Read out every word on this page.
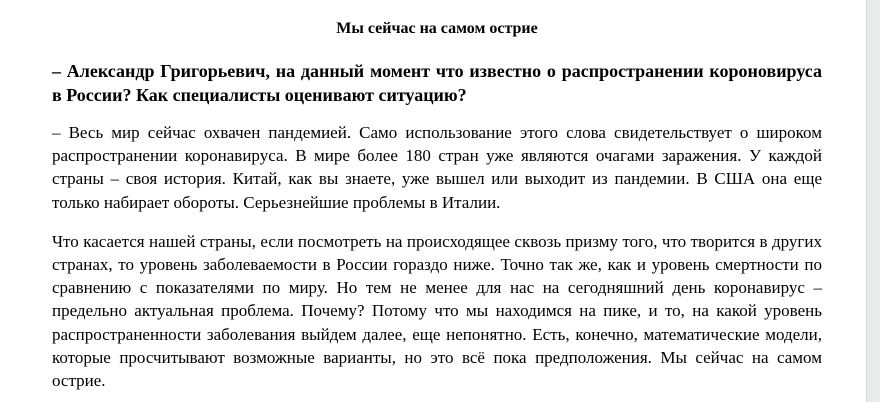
Мы сейчас на самом острие

– Александр Григорьевич, на данный момент что известно о распространении короновируса в России? Как специалисты оценивают ситуацию?

– Весь мир сейчас охвачен пандемией. Само использование этого слова свидетельствует о широком распространении коронавируса. В мире более 180 стран уже являются очагами заражения. У каждой страны – своя история. Китай, как вы знаете, уже вышел или выходит из пандемии. В США она еще только набирает обороты. Серьезнейшие проблемы в Италии.

Что касается нашей страны, если посмотреть на происходящее сквозь призму того, что творится в других странах, то уровень заболеваемости в России гораздо ниже. Точно так же, как и уровень смертности по сравнению с показателями по миру. Но тем не менее для нас на сегодняшний день коронавирус – предельно актуальная проблема. Почему? Потому что мы находимся на пике, и то, на какой уровень распространенности заболевания выйдем далее, еще непонятно. Есть, конечно, математические модели, которые просчитывают возможные варианты, но это всё пока предположения. Мы сейчас на самом острие.
